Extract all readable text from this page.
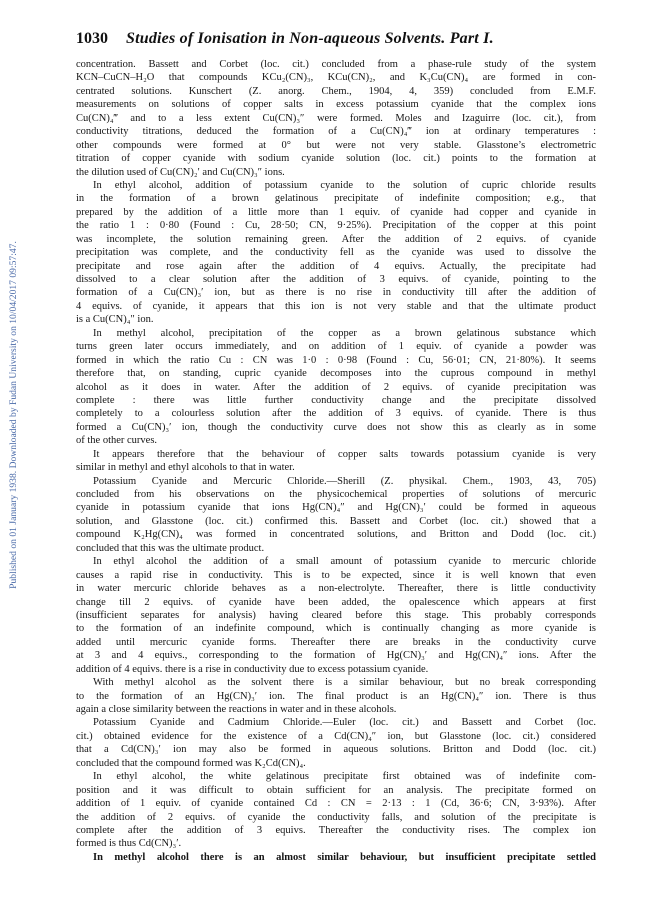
Published on 01 January 1938. Downloaded by Fudan University on 10/04/2017 09:57:47.
1030 Studies of Ionisation in Non-aqueous Solvents. Part I.
concentration. Bassett and Corbet (loc. cit.) concluded from a phase-rule study of the system
KCN–CuCN–H₂O that compounds KCu₂(CN)₃, KCu(CN)₂, and K₃Cu(CN)₄ are formed in con-
centrated solutions. Kunschert (Z. anorg. Chem., 1904, 4, 359) concluded from E.M.F.
measurements on solutions of copper salts in excess potassium cyanide that the complex ions
Cu(CN)₄‴ and to a less extent Cu(CN)₃″ were formed. Moles and Izaguirre (loc. cit.), from
conductivity titrations, deduced the formation of a Cu(CN)₄‴ ion at ordinary temperatures :
other compounds were formed at 0° but were not very stable. Glasstone’s electrometric
titration of copper cyanide with sodium cyanide solution (loc. cit.) points to the formation at
the dilution used of Cu(CN)₂′ and Cu(CN)₃″ ions.
In ethyl alcohol, addition of potassium cyanide to the solution of cupric chloride results
in the formation of a brown gelatinous precipitate of indefinite composition; e.g., that
prepared by the addition of a little more than 1 equiv. of cyanide had copper and cyanide in
the ratio 1 : 0·80 (Found : Cu, 28·50; CN, 9·25%). Precipitation of the copper at this point
was incomplete, the solution remaining green. After the addition of 2 equivs. of cyanide
precipitation was complete, and the conductivity fell as the cyanide was used to dissolve the
precipitate and rose again after the addition of 4 equivs. Actually, the precipitate had
dissolved to a clear solution after the addition of 3 equivs. of cyanide, pointing to the
formation of a Cu(CN)₃′ ion, but as there is no rise in conductivity till after the addition of
4 equivs. of cyanide, it appears that this ion is not very stable and that the ultimate product
is a Cu(CN)₄″ ion.
In methyl alcohol, precipitation of the copper as a brown gelatinous substance which
turns green later occurs immediately, and on addition of 1 equiv. of cyanide a powder was
formed in which the ratio Cu : CN was 1·0 : 0·98 (Found : Cu, 56·01; CN, 21·80%). It seems
therefore that, on standing, cupric cyanide decomposes into the cuprous compound in methyl
alcohol as it does in water. After the addition of 2 equivs. of cyanide precipitation was
complete : there was little further conductivity change and the precipitate dissolved
completely to a colourless solution after the addition of 3 equivs. of cyanide. There is thus
formed a Cu(CN)₃′ ion, though the conductivity curve does not show this as clearly as in some
of the other curves.
It appears therefore that the behaviour of copper salts towards potassium cyanide is very
similar in methyl and ethyl alcohols to that in water.
Potassium Cyanide and Mercuric Chloride.—Sherill (Z. physikal. Chem., 1903, 43, 705)
concluded from his observations on the physicochemical properties of solutions of mercuric
cyanide in potassium cyanide that ions Hg(CN)₄″ and Hg(CN)₃′ could be formed in aqueous
solution, and Glasstone (loc. cit.) confirmed this. Bassett and Corbet (loc. cit.) showed that a
compound K₂Hg(CN)₄ was formed in concentrated solutions, and Britton and Dodd (loc. cit.)
concluded that this was the ultimate product.
In ethyl alcohol the addition of a small amount of potassium cyanide to mercuric chloride
causes a rapid rise in conductivity. This is to be expected, since it is well known that even
in water mercuric chloride behaves as a non-electrolyte. Thereafter, there is little conductivity
change till 2 equivs. of cyanide have been added, the opalescence which appears at first
(insufficient separates for analysis) having cleared before this stage. This probably corresponds
to the formation of an indefinite compound, which is continually changing as more cyanide is
added until mercuric cyanide forms. Thereafter there are breaks in the conductivity curve
at 3 and 4 equivs., corresponding to the formation of Hg(CN)₃′ and Hg(CN)₄″ ions. After the
addition of 4 equivs. there is a rise in conductivity due to excess potassium cyanide.
With methyl alcohol as the solvent there is a similar behaviour, but no break corresponding
to the formation of an Hg(CN)₃′ ion. The final product is an Hg(CN)₄″ ion. There is thus
again a close similarity between the reactions in water and in these alcohols.
Potassium Cyanide and Cadmium Chloride.—Euler (loc. cit.) and Bassett and Corbet (loc.
cit.) obtained evidence for the existence of a Cd(CN)₄″ ion, but Glasstone (loc. cit.) considered
that a Cd(CN)₃′ ion may also be formed in aqueous solutions. Britton and Dodd (loc. cit.)
concluded that the compound formed was K₂Cd(CN)₄.
In ethyl alcohol, the white gelatinous precipitate first obtained was of indefinite com-
position and it was difficult to obtain sufficient for an analysis. The precipitate formed on
addition of 1 equiv. of cyanide contained Cd : CN = 2·13 : 1 (Cd, 36·6; CN, 3·93%). After
the addition of 2 equivs. of cyanide the conductivity falls, and solution of the precipitate is
complete after the addition of 3 equivs. Thereafter the conductivity rises. The complex ion
formed is thus Cd(CN)₃′.
In methyl alcohol there is an almost similar behaviour, but insufficient precipitate settled
